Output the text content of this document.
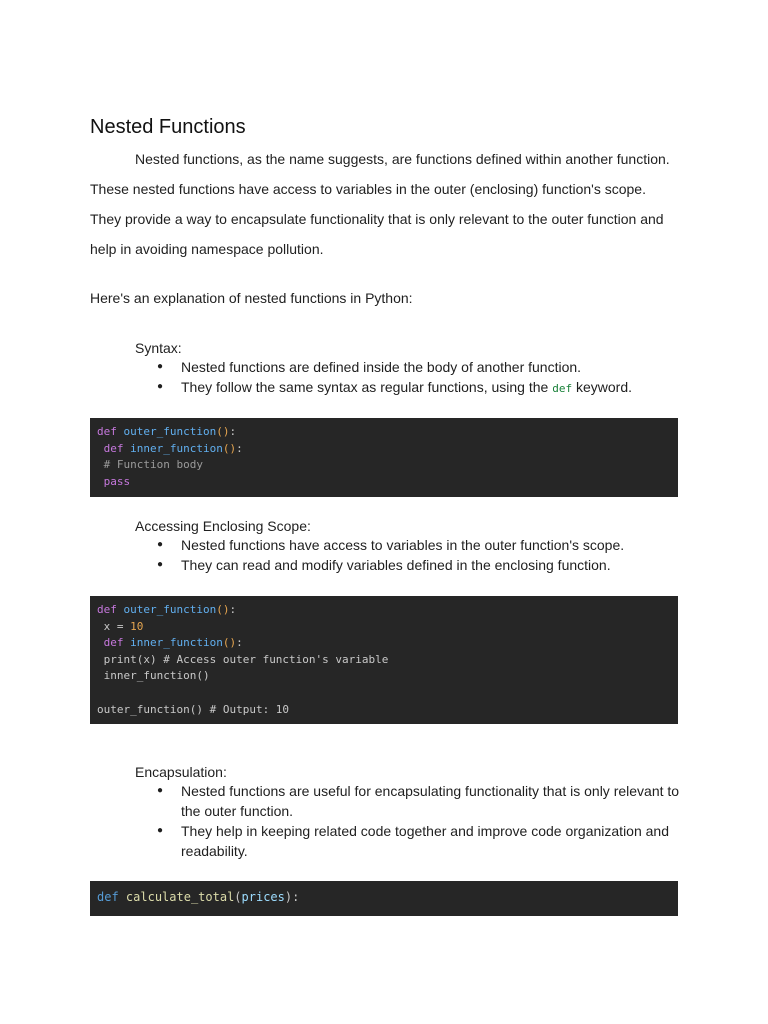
Nested Functions
Nested functions, as the name suggests, are functions defined within another function. These nested functions have access to variables in the outer (enclosing) function's scope. They provide a way to encapsulate functionality that is only relevant to the outer function and help in avoiding namespace pollution.
Here's an explanation of nested functions in Python:
Syntax:
● Nested functions are defined inside the body of another function.
● They follow the same syntax as regular functions, using the def keyword.
def outer_function():
def inner_function():
# Function body
pass
Accessing Enclosing Scope:
● Nested functions have access to variables in the outer function's scope.
● They can read and modify variables defined in the enclosing function.
def outer_function():
x = 10
def inner_function():
print(x) # Access outer function's variable
inner_function()
outer_function() # Output: 10
Encapsulation:
● Nested functions are useful for encapsulating functionality that is only relevant to the outer function.
● They help in keeping related code together and improve code organization and readability.
def calculate_total(prices):
